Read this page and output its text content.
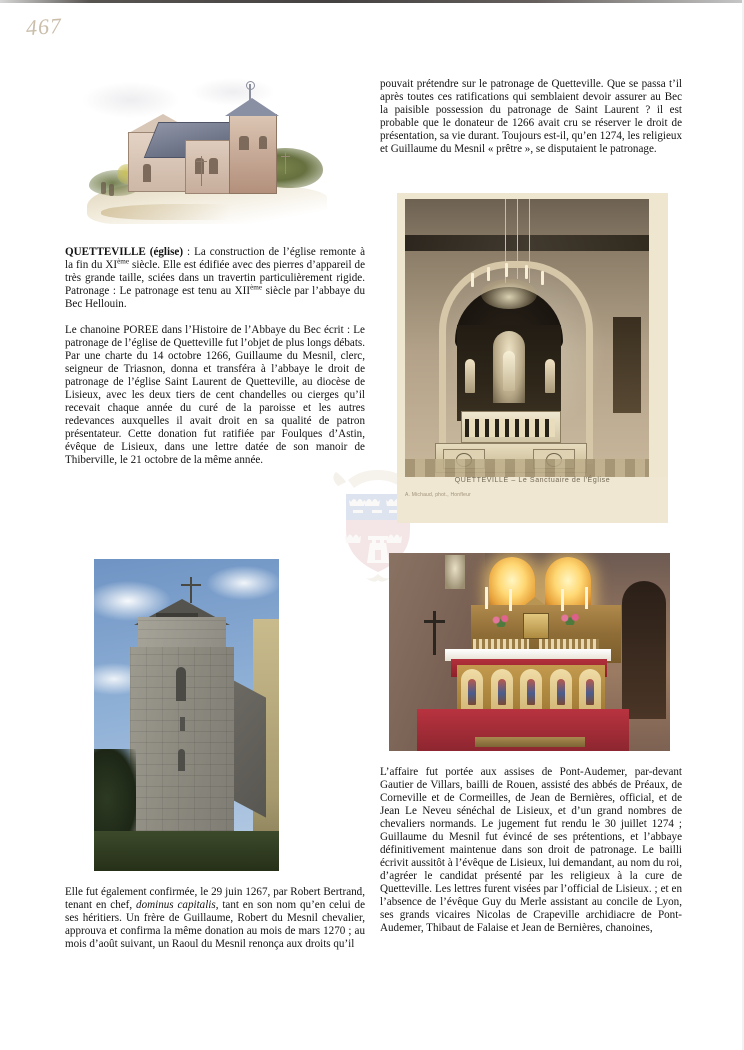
467

QUETTEVILLE (église) : La construction de l’église remonte à la fin du XIème siècle. Elle est édifiée avec des pierres d’appareil de très grande taille, sciées dans un travertin particulièrement rigide. Patronage : Le patronage est tenu au XIIème siècle par l’abbaye du Bec Hellouin.

Le chanoine POREE dans l’Histoire de l’Abbaye du Bec écrit : Le patronage de l’église de Quetteville fut l’objet de plus longs débats. Par une charte du 14 octobre 1266, Guillaume du Mesnil, clerc, seigneur de Triasnon, donna et transféra à l’abbaye le droit de patronage de l’église Saint Laurent de Quetteville, au diocèse de Lisieux, avec les deux tiers de cent chandelles ou cierges qu’il recevait chaque année du curé de la paroisse et les autres redevances auxquelles il avait droit en sa qualité de patron présentateur. Cette donation fut ratifiée par Foulques d’Astin, évêque de Lisieux, dans une lettre datée de son manoir de Thiberville, le 21 octobre de la même année.

Elle fut également confirmée, le 29 juin 1267, par Robert Bertrand, tenant en chef, dominus capitalis, tant en son nom qu’en celui de ses héritiers. Un frère de Guillaume, Robert du Mesnil chevalier, approuva et confirma la même donation au mois de mars 1270 ; au mois d’août suivant, un Raoul du Mesnil renonça aux droits qu’il

pouvait prétendre sur le patronage de Quetteville. Que se passa t’il après toutes ces ratifications qui semblaient devoir assurer au Bec la paisible possession du patronage de Saint Laurent ? il est probable que le donateur de 1266 avait cru se réserver le droit de présentation, sa vie durant. Toujours est-il, qu’en 1274, les religieux et Guillaume du Mesnil « prêtre », se disputaient le patronage.

QUETTEVILLE – Le Sanctuaire de l'Église
A. Michaud, phot., Honfleur

L’affaire fut portée aux assises de Pont-Audemer, par-devant Gautier de Villars, bailli de Rouen, assisté des abbés de Préaux, de Corneville et de Cormeilles, de Jean de Bernières, official, et de Jean Le Neveu sénéchal de Lisieux, et d’un grand nombres de chevaliers normands. Le jugement fut rendu le 30 juillet 1274 ; Guillaume du Mesnil fut évincé de ses prétentions, et l’abbaye définitivement maintenue dans son droit de patronage. Le bailli écrivit aussitôt à l’évêque de Lisieux, lui demandant, au nom du roi, d’agréer le candidat présenté par les religieux à la cure de Quetteville. Les lettres furent visées par l’official de Lisieux. ; et en l’absence de l’évêque Guy du Merle assistant au concile de Lyon, ses grands vicaires Nicolas de Crapeville archidiacre de Pont-Audemer, Thibaut de Falaise et Jean de Bernières, chanoines,
